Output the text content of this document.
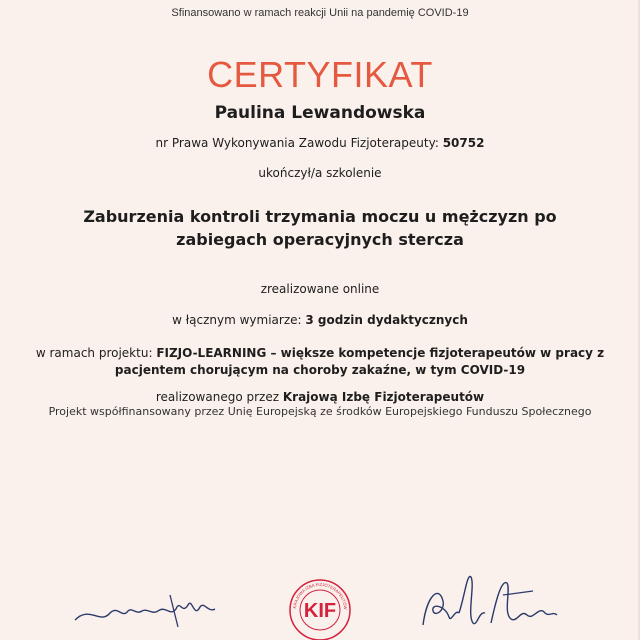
Sfinansowano w ramach reakcji Unii na pandemię COVID-19
CERTYFIKAT
Paulina Lewandowska
nr Prawa Wykonywania Zawodu Fizjoterapeuty: 50752
ukończył/a szkolenie
Zaburzenia kontroli trzymania moczu u mężczyzn po zabiegach operacyjnych stercza
zrealizowane online
w łącznym wymiarze: 3 godzin dydaktycznych
w ramach projektu: FIZJO-LEARNING – większe kompetencje fizjoterapeutów w pracy z pacjentem chorującym na choroby zakaźne, w tym COVID-19
realizowanego przez Krajową Izbę Fizjoterapeutów
Projekt współfinansowany przez Unię Europejską ze środków Europejskiego Funduszu Społecznego
KIF
KRAJOWA IZBA FIZJOTERAPEUTÓW
